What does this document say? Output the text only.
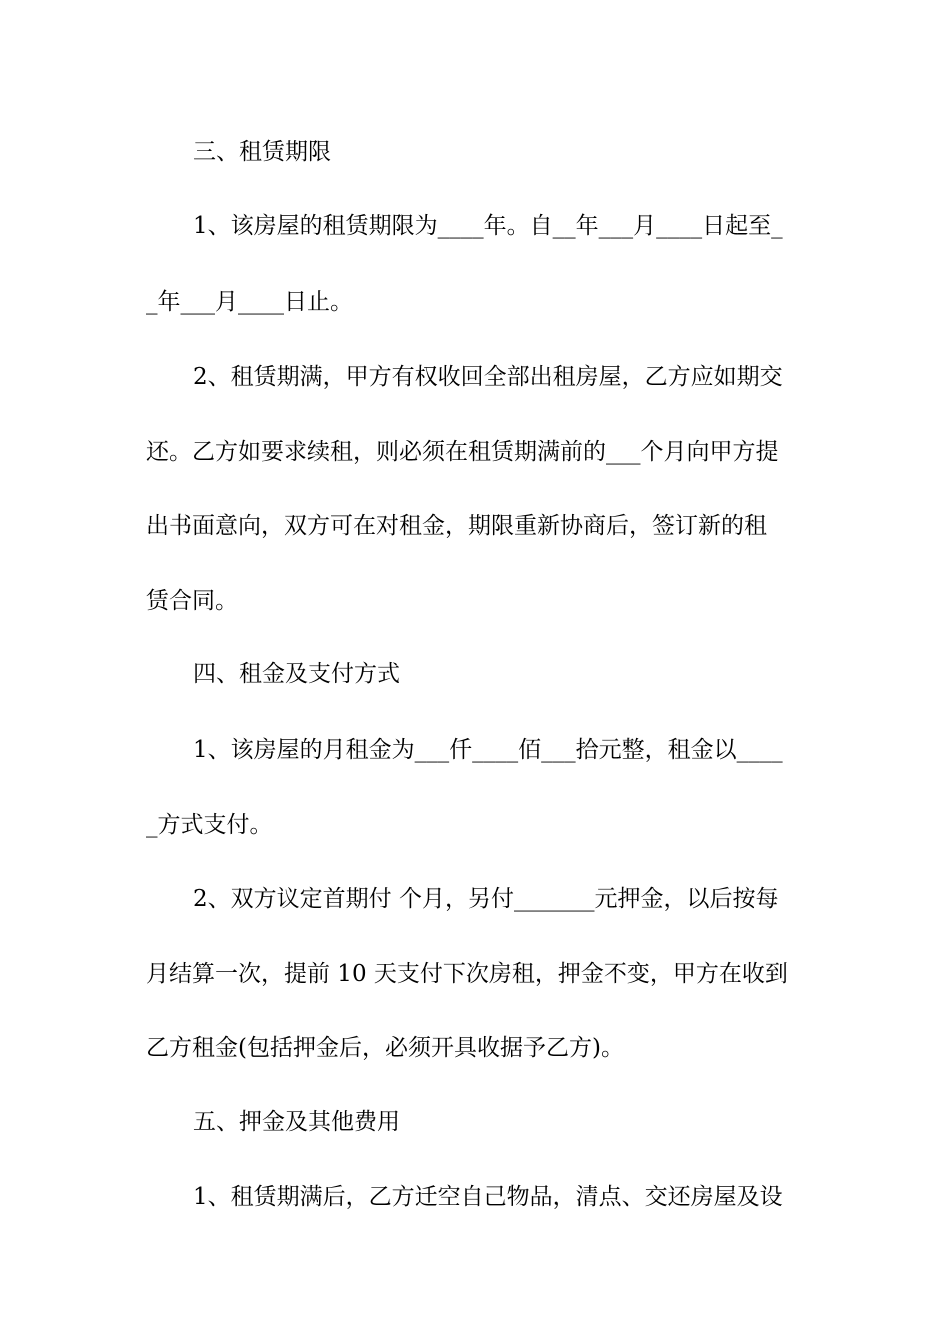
三、租赁期限
1、该房屋的租赁期限为____年。自__年___月____日起至_
_年___月____日止。
2、租赁期满，甲方有权收回全部出租房屋，乙方应如期交
还。乙方如要求续租，则必须在租赁期满前的___个月向甲方提
出书面意向，双方可在对租金，期限重新协商后，签订新的租
赁合同。
四、租金及支付方式
1、该房屋的月租金为___仟____佰___拾元整，租金以____
_方式支付。
2、双方议定首期付 个月，另付_______元押金，以后按每
月结算一次，提前 10 天支付下次房租，押金不变，甲方在收到
乙方租金(包括押金后，必须开具收据予乙方)。
五、押金及其他费用
1、租赁期满后，乙方迁空自己物品，清点、交还房屋及设
